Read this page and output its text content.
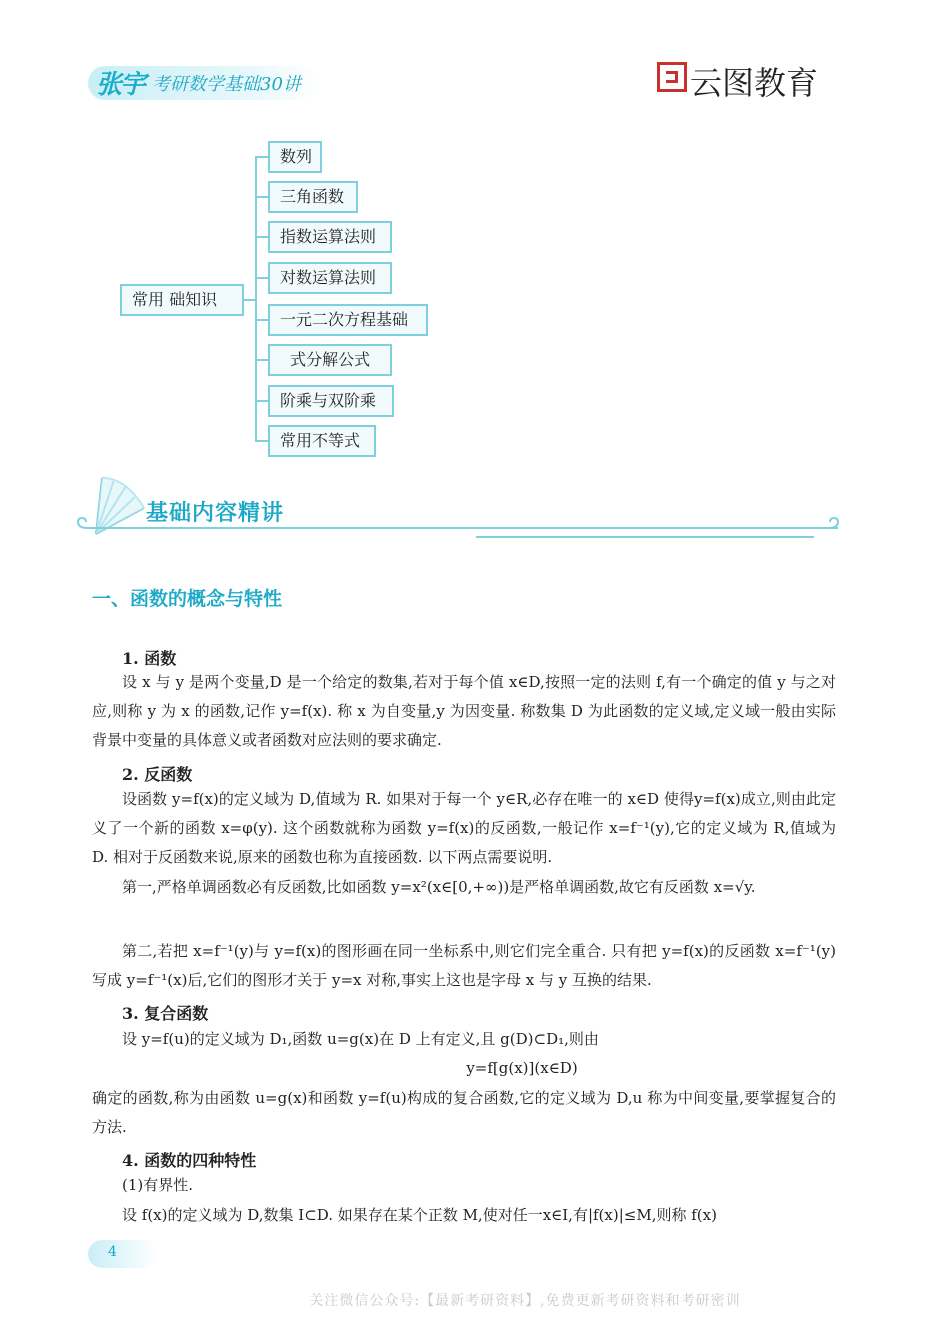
张宇 考研数学基础30讲	云图教育
常用 础知识
数列
三角函数
指数运算法则
对数运算法则
一元二次方程基础
式分解公式
阶乘与双阶乘
常用不等式
基础内容精讲
一、函数的概念与特性
1. 函数
设 x 与 y 是两个变量,D 是一个给定的数集,若对于每个值 x∈D,按照一定的法则 f,有一个确定的值 y 与之对应,则称 y 为 x 的函数,记作 y=f(x). 称 x 为自变量,y 为因变量. 称数集 D 为此函数的定义域,定义域一般由实际背景中变量的具体意义或者函数对应法则的要求确定.
2. 反函数
设函数 y=f(x)的定义域为 D,值域为 R. 如果对于每一个 y∈R,必存在唯一的 x∈D 使得y=f(x)成立,则由此定义了一个新的函数 x=φ(y). 这个函数就称为函数 y=f(x)的反函数,一般记作 x=f⁻¹(y),它的定义域为 R,值域为 D. 相对于反函数来说,原来的函数也称为直接函数. 以下两点需要说明.
第一,严格单调函数必有反函数,比如函数 y=x²(x∈[0,+∞))是严格单调函数,故它有反函数 x=√y.
第二,若把 x=f⁻¹(y)与 y=f(x)的图形画在同一坐标系中,则它们完全重合. 只有把 y=f(x)的反函数 x=f⁻¹(y)写成 y=f⁻¹(x)后,它们的图形才关于 y=x 对称,事实上这也是字母 x 与 y 互换的结果.
3. 复合函数
设 y=f(u)的定义域为 D₁,函数 u=g(x)在 D 上有定义,且 g(D)⊂D₁,则由
y=f[g(x)](x∈D)
确定的函数,称为由函数 u=g(x)和函数 y=f(u)构成的复合函数,它的定义域为 D,u 称为中间变量,要掌握复合的方法.
4. 函数的四种特性
(1)有界性.
设 f(x)的定义域为 D,数集 I⊂D. 如果存在某个正数 M,使对任一x∈I,有|f(x)|≤M,则称 f(x)
4
关注微信公众号:【最新考研资料】,免费更新考研资料和考研密训
